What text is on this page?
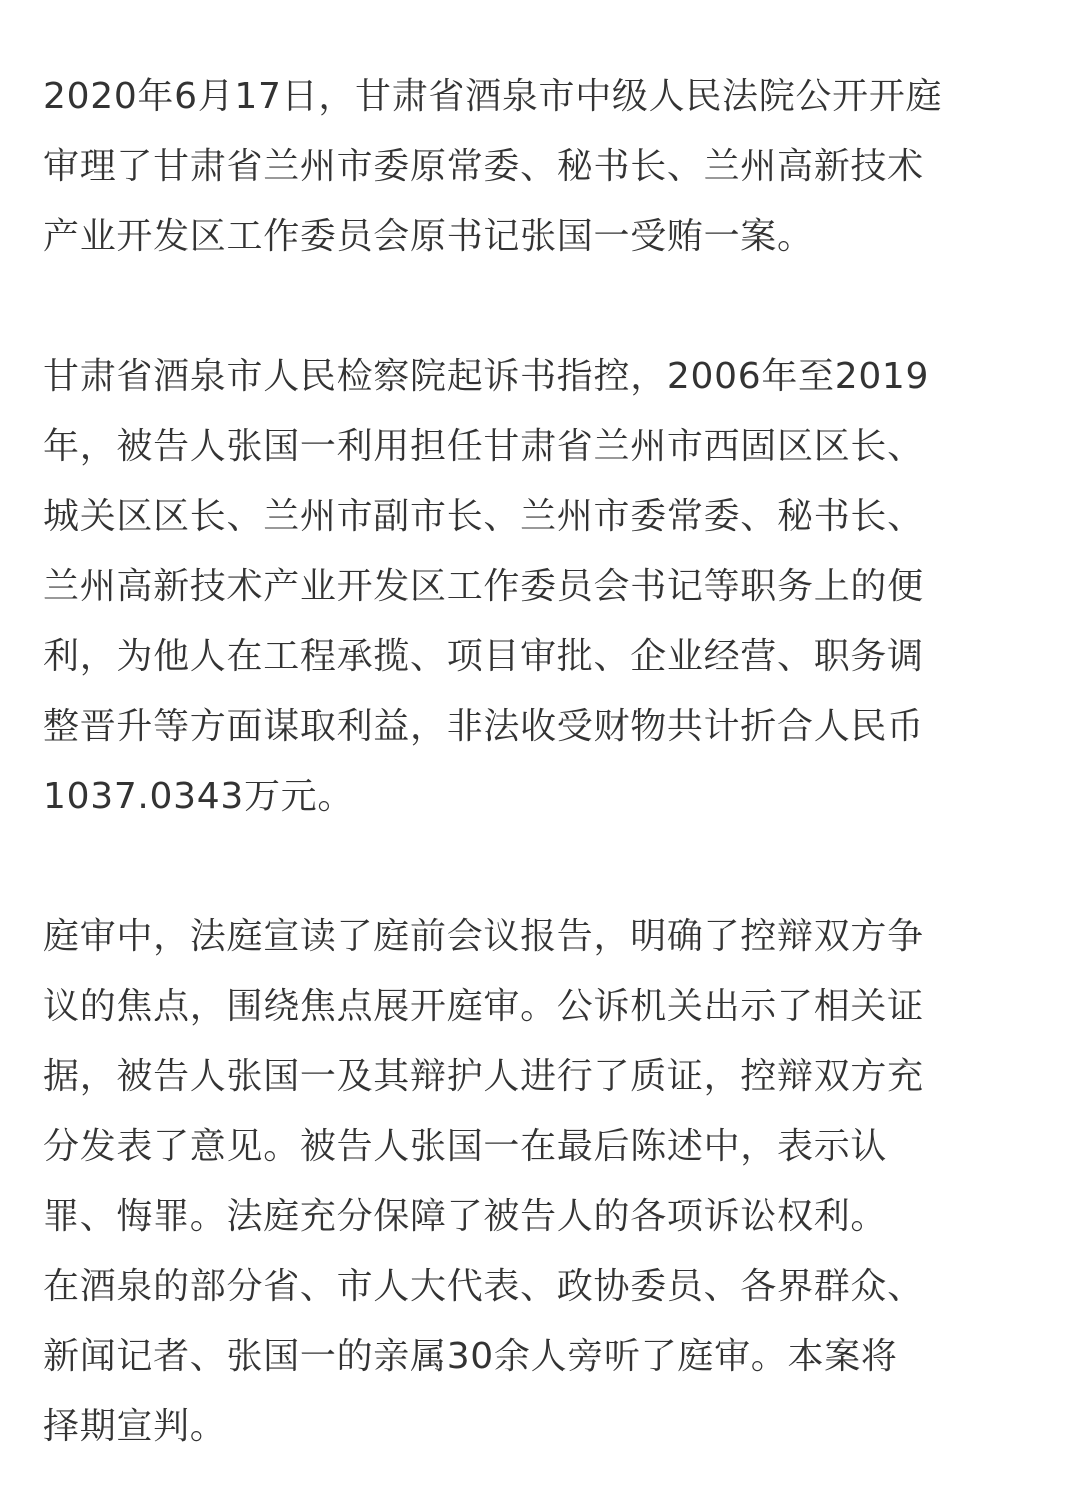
2020年6月17日，甘肃省酒泉市中级人民法院公开开庭
审理了甘肃省兰州市委原常委、秘书长、兰州高新技术
产业开发区工作委员会原书记张国一受贿一案。

甘肃省酒泉市人民检察院起诉书指控，2006年至2019
年，被告人张国一利用担任甘肃省兰州市西固区区长、
城关区区长、兰州市副市长、兰州市委常委、秘书长、
兰州高新技术产业开发区工作委员会书记等职务上的便
利，为他人在工程承揽、项目审批、企业经营、职务调
整晋升等方面谋取利益，非法收受财物共计折合人民币
1037.0343万元。

庭审中，法庭宣读了庭前会议报告，明确了控辩双方争
议的焦点，围绕焦点展开庭审。公诉机关出示了相关证
据，被告人张国一及其辩护人进行了质证，控辩双方充
分发表了意见。被告人张国一在最后陈述中，表示认
罪、悔罪。法庭充分保障了被告人的各项诉讼权利。

在酒泉的部分省、市人大代表、政协委员、各界群众、
新闻记者、张国一的亲属30余人旁听了庭审。本案将
择期宣判。
